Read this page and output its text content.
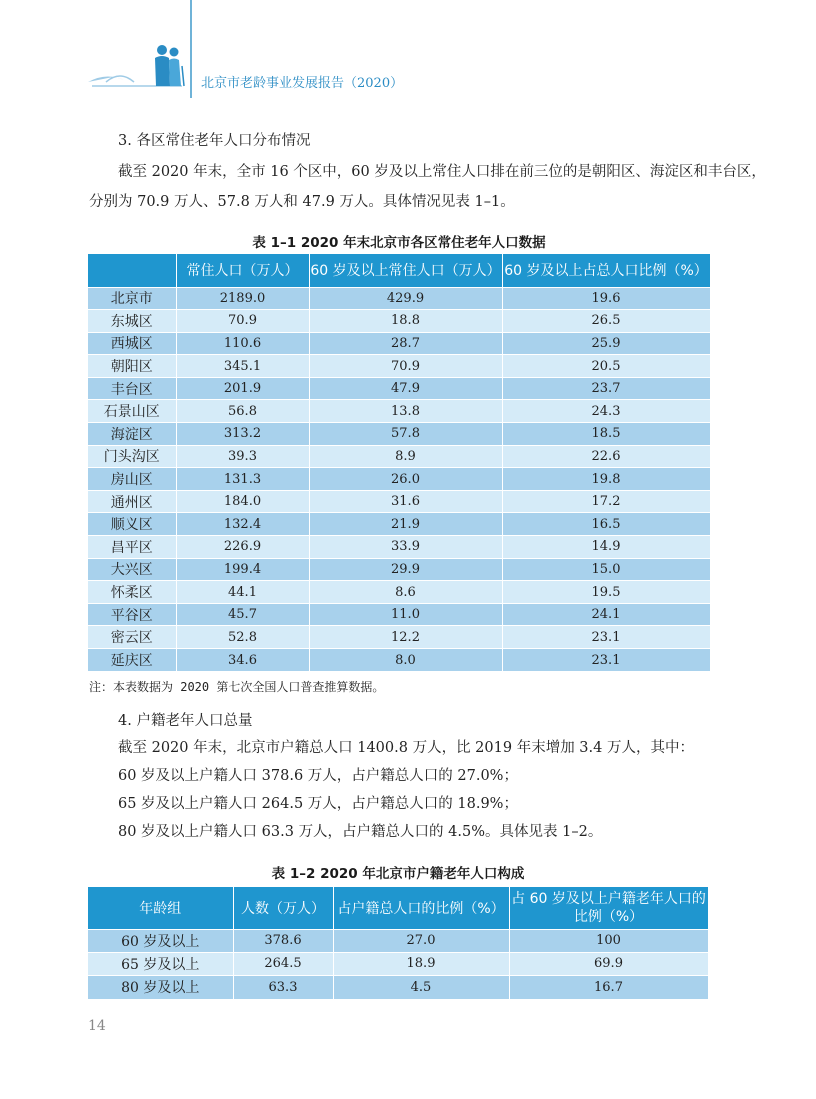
北京市老龄事业发展报告（2020）
3. 各区常住老年人口分布情况
截至 2020 年末，全市 16 个区中，60 岁及以上常住人口排在前三位的是朝阳区、海淀区和丰台区，
分别为 70.9 万人、57.8 万人和 47.9 万人。具体情况见表 1–1。
表 1–1 2020 年末北京市各区常住老年人口数据
	常住人口（万人）	60 岁及以上常住人口（万人）	60 岁及以上占总人口比例（%）
北京市	2189.0	429.9	19.6
东城区	70.9	18.8	26.5
西城区	110.6	28.7	25.9
朝阳区	345.1	70.9	20.5
丰台区	201.9	47.9	23.7
石景山区	56.8	13.8	24.3
海淀区	313.2	57.8	18.5
门头沟区	39.3	8.9	22.6
房山区	131.3	26.0	19.8
通州区	184.0	31.6	17.2
顺义区	132.4	21.9	16.5
昌平区	226.9	33.9	14.9
大兴区	199.4	29.9	15.0
怀柔区	44.1	8.6	19.5
平谷区	45.7	11.0	24.1
密云区	52.8	12.2	23.1
延庆区	34.6	8.0	23.1
注：本表数据为 2020 第七次全国人口普查推算数据。
4. 户籍老年人口总量
截至 2020 年末，北京市户籍总人口 1400.8 万人，比 2019 年末增加 3.4 万人，其中：
60 岁及以上户籍人口 378.6 万人，占户籍总人口的 27.0%；
65 岁及以上户籍人口 264.5 万人，占户籍总人口的 18.9%；
80 岁及以上户籍人口 63.3 万人，占户籍总人口的 4.5%。具体见表 1–2。
表 1–2 2020 年北京市户籍老年人口构成
年龄组	人数（万人）	占户籍总人口的比例（%）	占 60 岁及以上户籍老年人口的比例（%）
60 岁及以上	378.6	27.0	100
65 岁及以上	264.5	18.9	69.9
80 岁及以上	63.3	4.5	16.7
14
